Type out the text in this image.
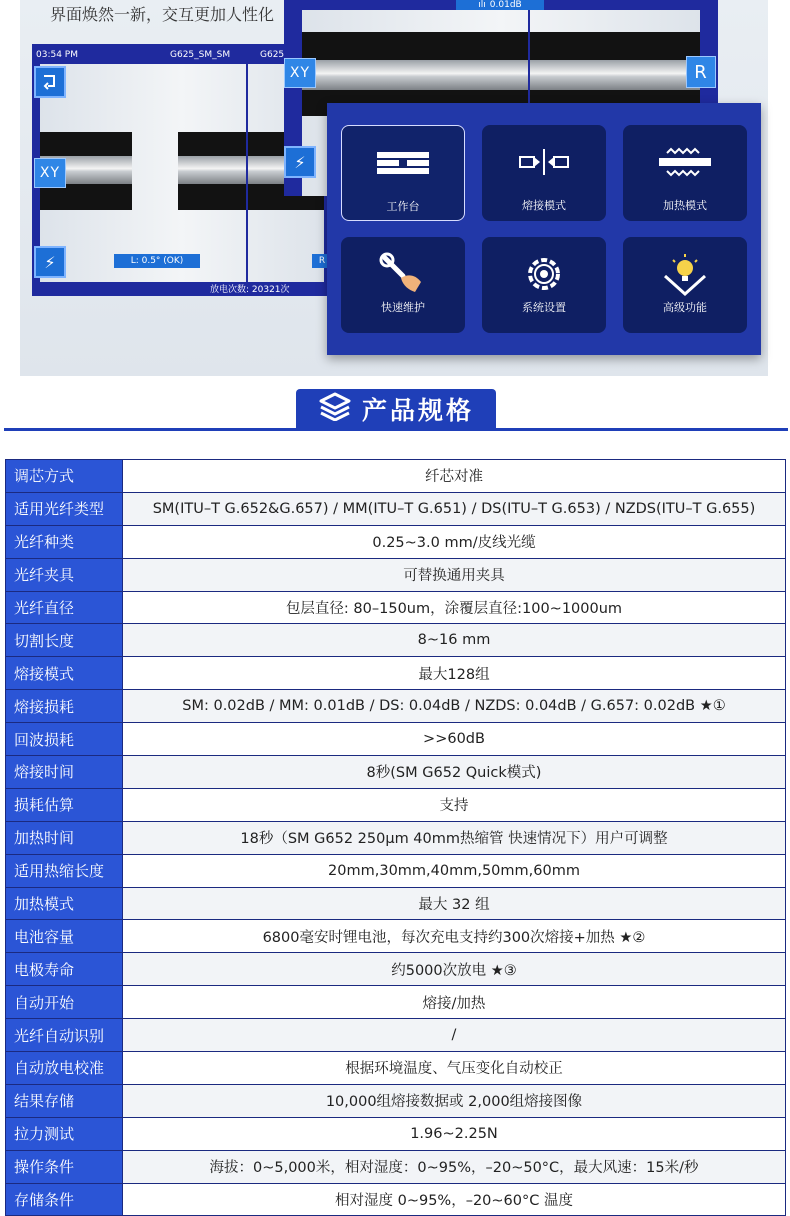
界面焕然一新，交互更加人性化
03:54 PM	G625_SM_SM	G625
XY
⚡	L: 0.5° (OK)	R
放电次数: 20321次
ılı 0.01dB
XY	R
⚡
工作台	熔接模式	加热模式
快速维护	系统设置	高级功能
产品规格
调芯方式	纤芯对准
适用光纤类型	SM(ITU–T G.652&G.657) / MM(ITU–T G.651) / DS(ITU–T G.653) / NZDS(ITU–T G.655)
光纤种类	0.25~3.0 mm/皮线光缆
光纤夹具	可替换通用夹具
光纤直径	包层直径: 80–150um，涂覆层直径:100~1000um
切割长度	8~16 mm
熔接模式	最大128组
熔接损耗	SM: 0.02dB / MM: 0.01dB / DS: 0.04dB / NZDS: 0.04dB / G.657: 0.02dB ★①
回波损耗	>>60dB
熔接时间	8秒(SM G652 Quick模式)
损耗估算	支持
加热时间	18秒（SM G652 250μm 40mm热缩管 快速情况下）用户可调整
适用热缩长度	20mm,30mm,40mm,50mm,60mm
加热模式	最大 32 组
电池容量	6800毫安时锂电池，每次充电支持约300次熔接+加热 ★②
电极寿命	约5000次放电 ★③
自动开始	熔接/加热
光纤自动识别	/
自动放电校准	根据环境温度、气压变化自动校正
结果存储	10,000组熔接数据或 2,000组熔接图像
拉力测试	1.96~2.25N
操作条件	海拔：0~5,000米，相对湿度：0~95%，–20~50°C，最大风速：15米/秒
存储条件	相对湿度 0~95%，–20~60°C 温度
